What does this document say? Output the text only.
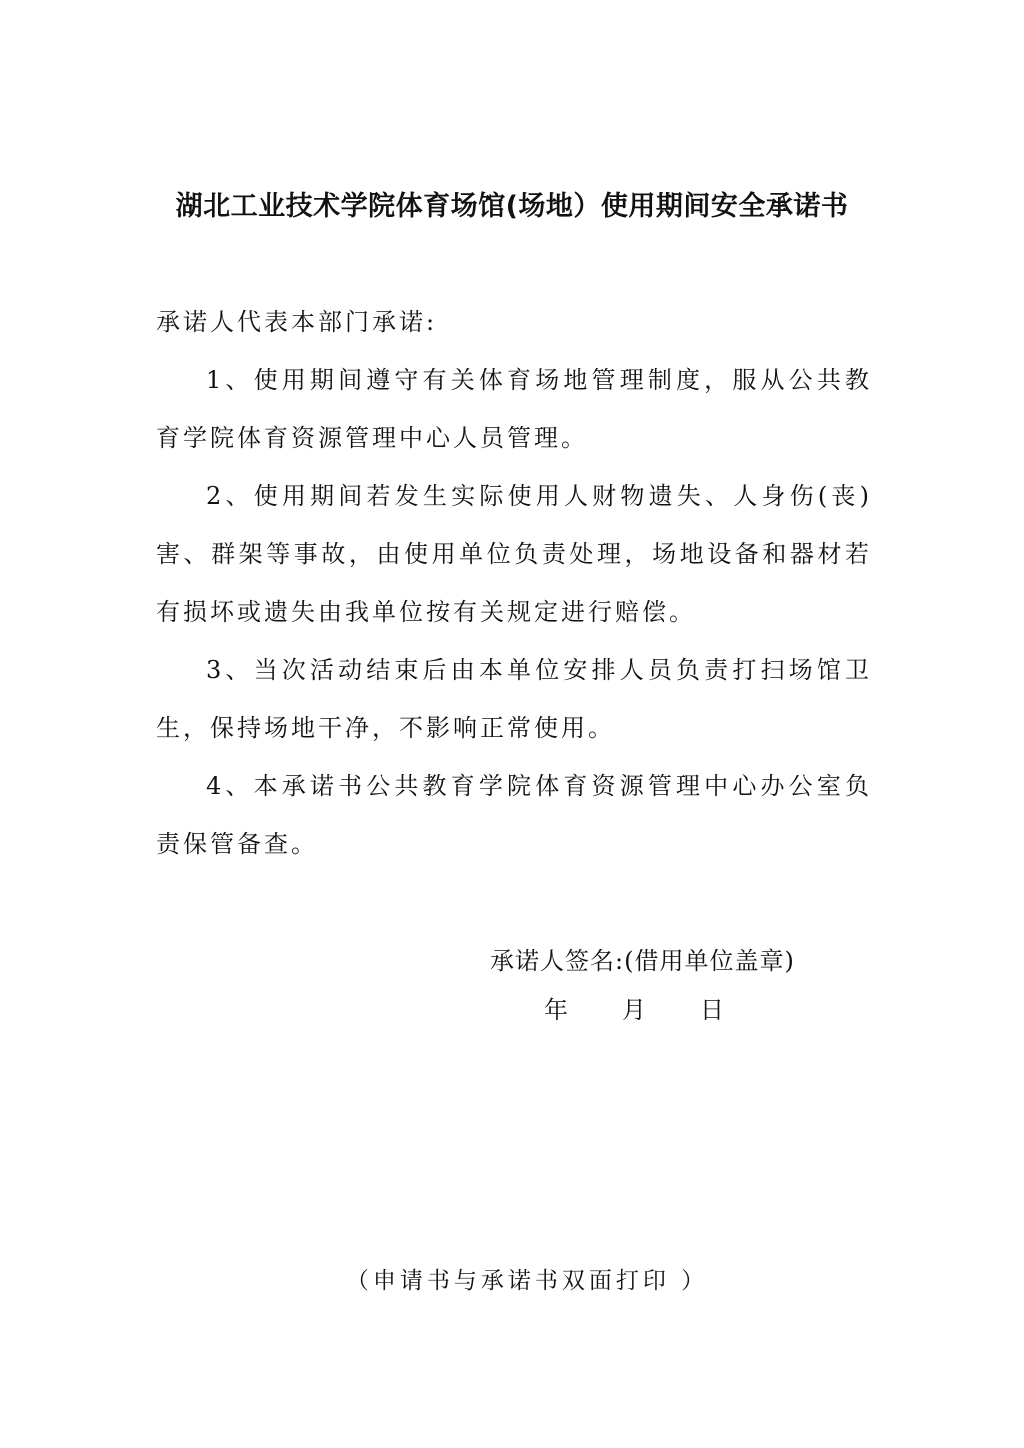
湖北工业技术学院体育场馆(场地）使用期间安全承诺书

承诺人代表本部门承诺:

1、使用期间遵守有关体育场地管理制度，服从公共教育学院体育资源管理中心人员管理。

2、使用期间若发生实际使用人财物遗失、人身伤(丧)害、群架等事故，由使用单位负责处理，场地设备和器材若有损坏或遗失由我单位按有关规定进行赔偿。

3、当次活动结束后由本单位安排人员负责打扫场馆卫生，保持场地干净，不影响正常使用。

4、本承诺书公共教育学院体育资源管理中心办公室负责保管备查。

承诺人签名:(借用单位盖章)
年 月 日
（申请书与承诺书双面打印 ）
